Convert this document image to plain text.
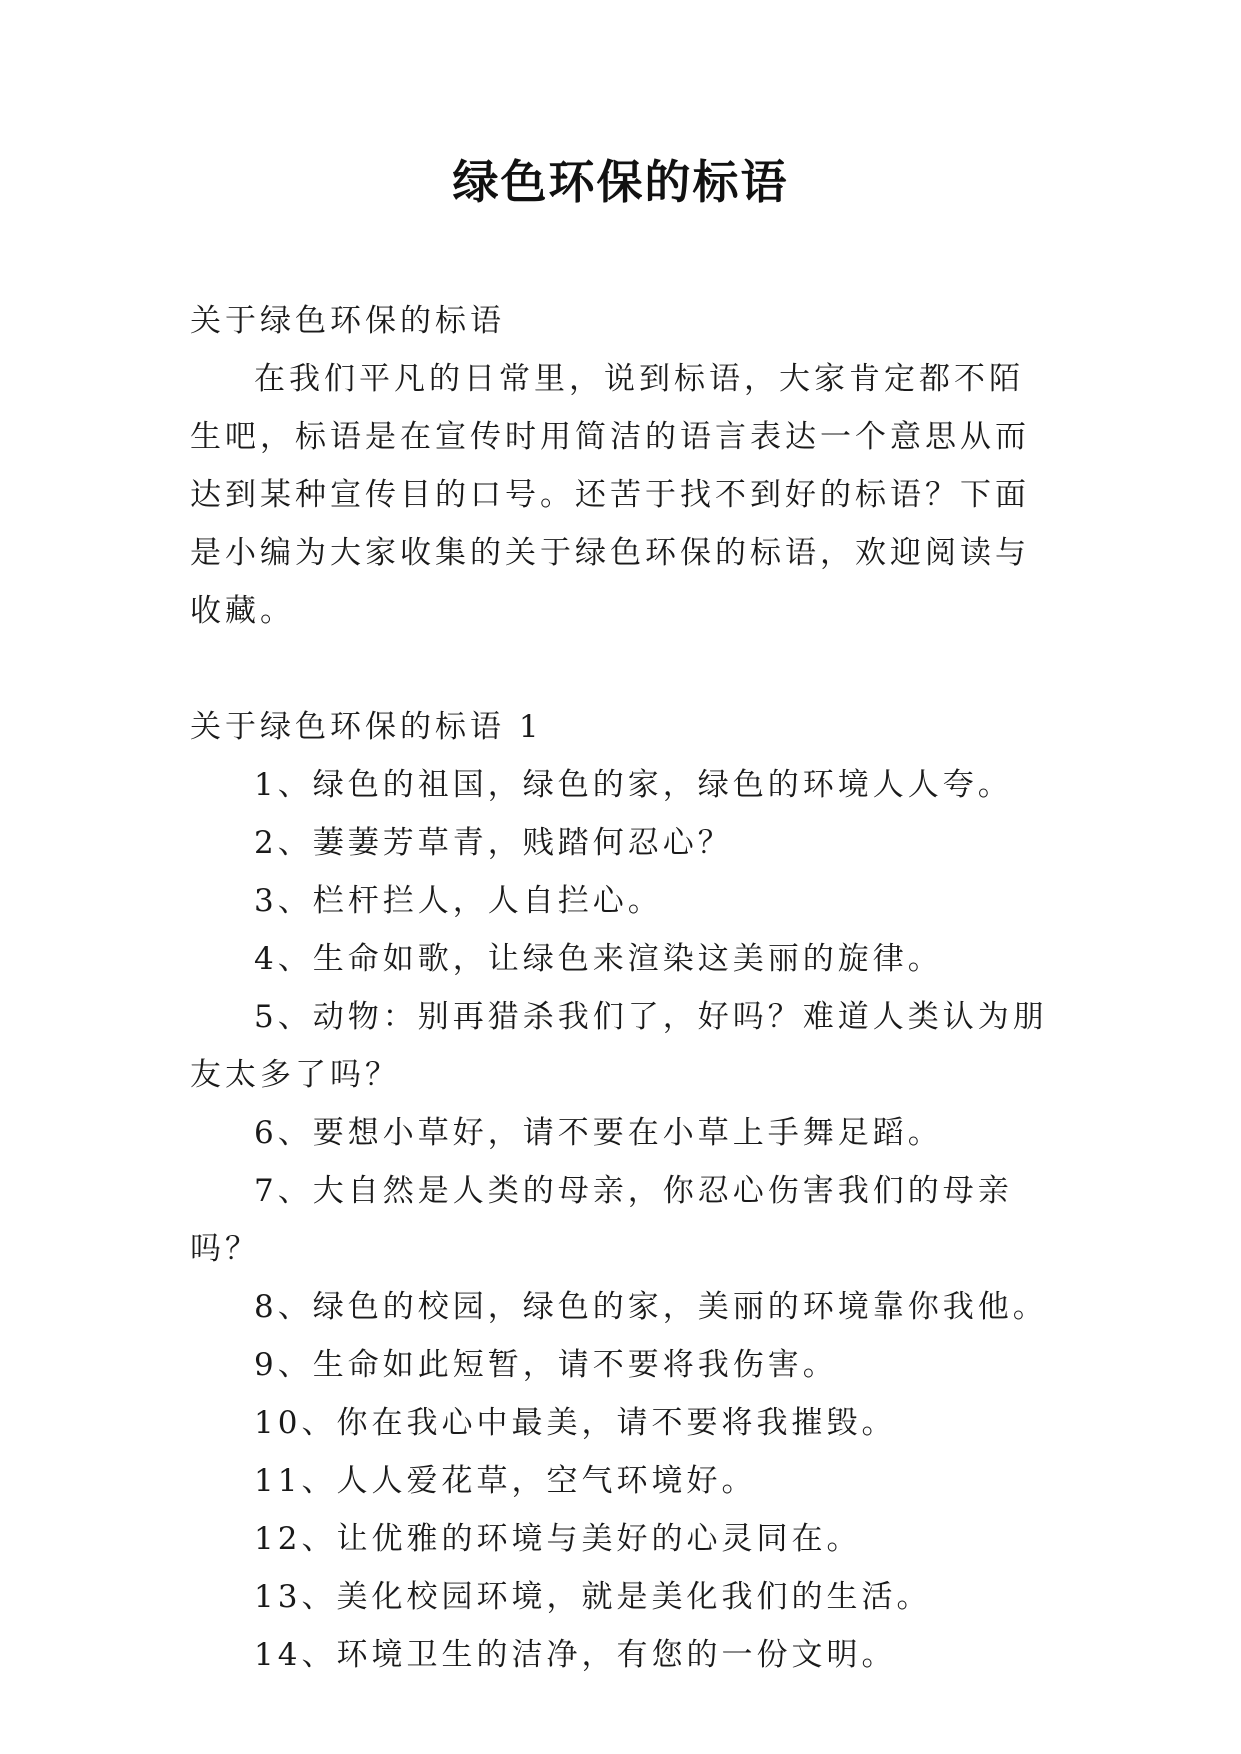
绿色环保的标语

关于绿色环保的标语

在我们平凡的日常里，说到标语，大家肯定都不陌生吧，标语是在宣传时用简洁的语言表达一个意思从而达到某种宣传目的口号。还苦于找不到好的标语？下面是小编为大家收集的关于绿色环保的标语，欢迎阅读与收藏。

关于绿色环保的标语 1

1、绿色的祖国，绿色的家，绿色的环境人人夸。

2、萋萋芳草青，贱踏何忍心？

3、栏杆拦人，人自拦心。

4、生命如歌，让绿色来渲染这美丽的旋律。

5、动物：别再猎杀我们了，好吗？难道人类认为朋友太多了吗？

6、要想小草好，请不要在小草上手舞足蹈。

7、大自然是人类的母亲，你忍心伤害我们的母亲吗？

8、绿色的校园，绿色的家，美丽的环境靠你我他。

9、生命如此短暂，请不要将我伤害。

10、你在我心中最美，请不要将我摧毁。

11、人人爱花草，空气环境好。

12、让优雅的环境与美好的心灵同在。

13、美化校园环境，就是美化我们的生活。

14、环境卫生的洁净，有您的一份文明。
